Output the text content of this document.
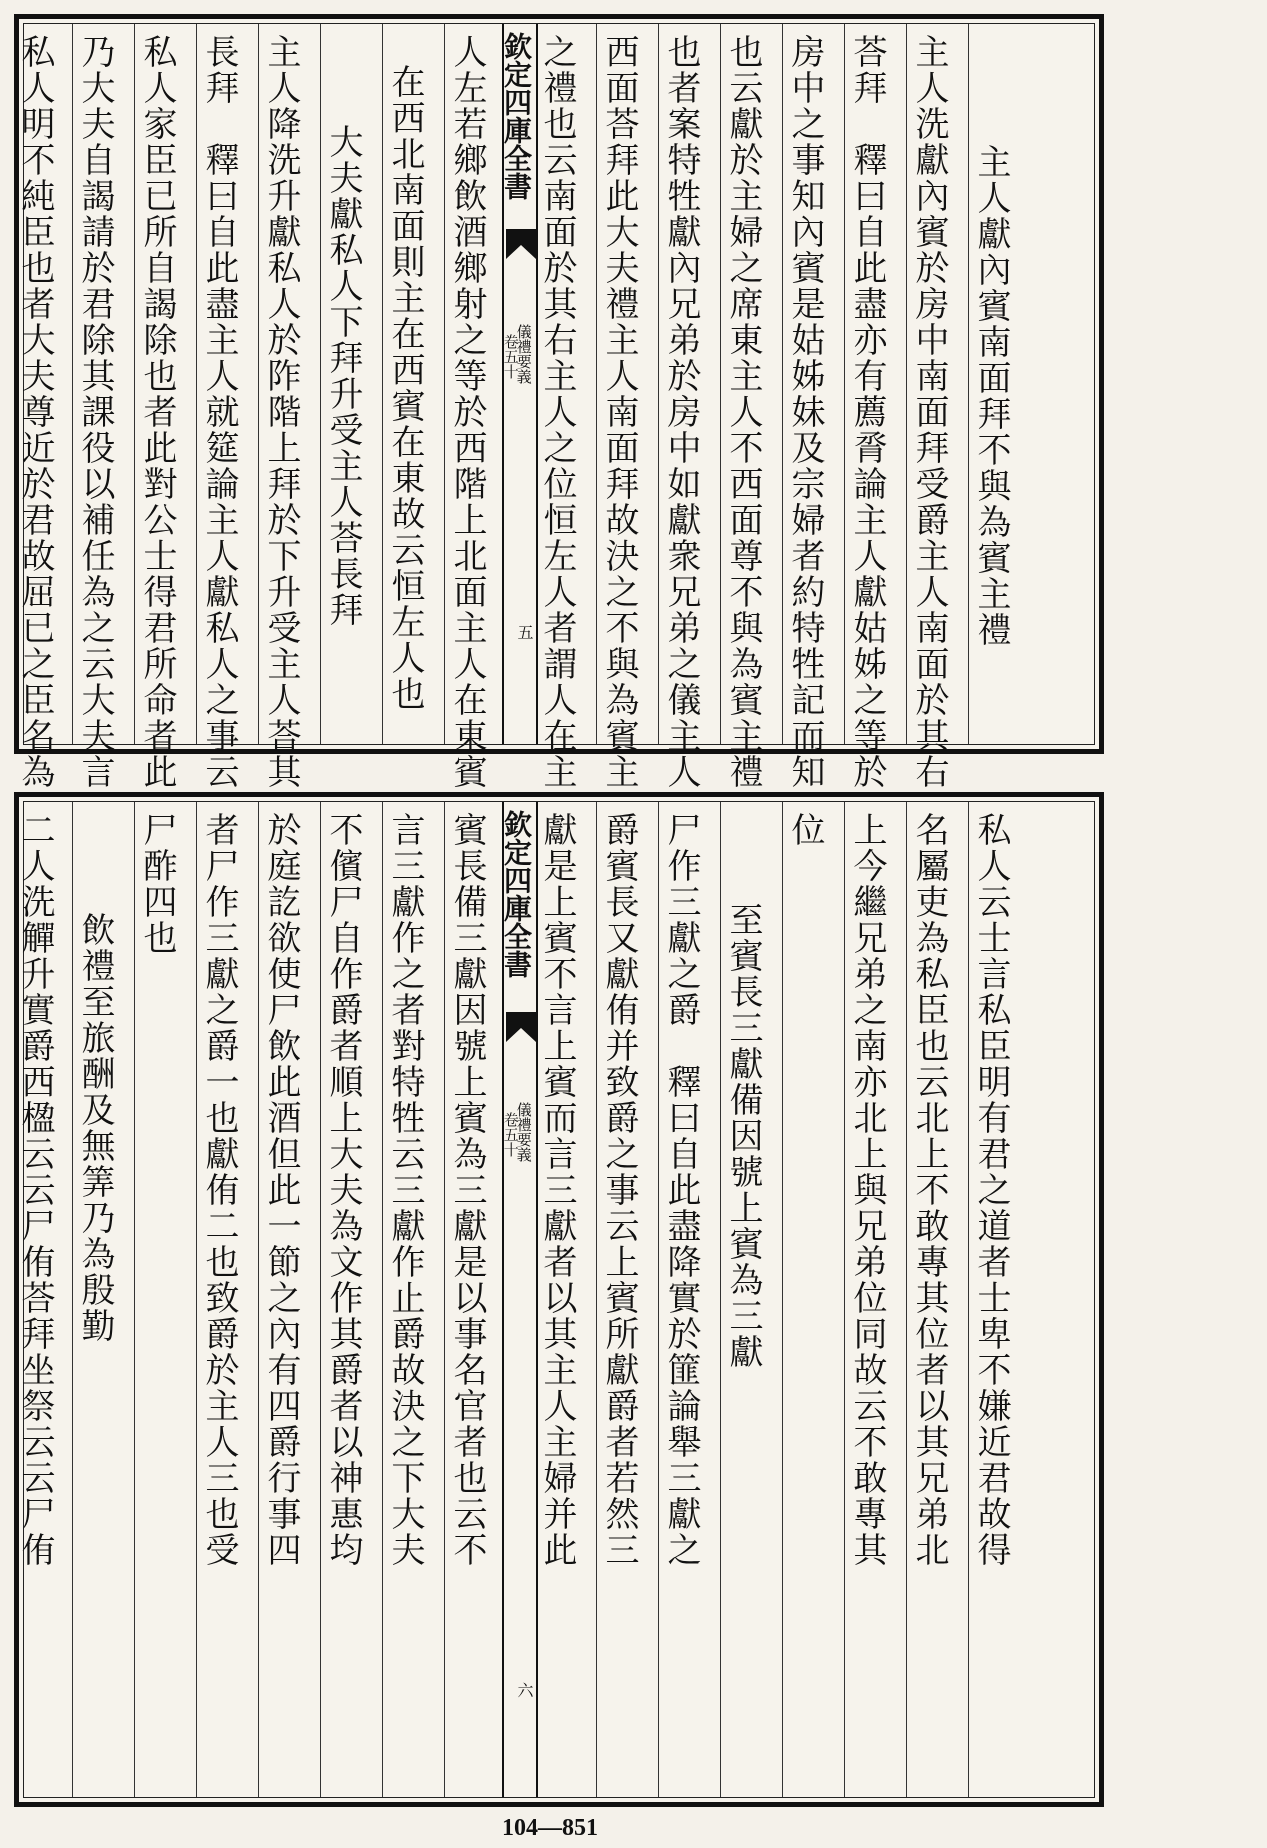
主人獻內賓南面拜不與為賓主禮
主人洗獻內賓於房中南面拜受爵主人南面於其右
荅拜　釋曰自此盡亦有薦脀論主人獻姑姊之等於
房中之事知內賓是姑姊妹及宗婦者約特牲記而知
也云獻於主婦之席東主人不西面尊不與為賓主禮
也者案特牲獻內兄弟於房中如獻衆兄弟之儀主人
西面荅拜此大夫禮主人南面拜故決之不與為賓主
之禮也云南面於其右主人之位恒左人者謂人在主
欽定四庫全書
儀禮要義
卷五十
五
人左若鄉飲酒鄉射之等於西階上北面主人在東賓
在西北南面則主在西賓在東故云恒左人也
大夫獻私人下拜升受主人荅長拜
主人降洗升獻私人於阼階上拜於下升受主人荅其
長拜　釋曰自此盡主人就筵論主人獻私人之事云
私人家臣已所自謁除也者此對公士得君所命者此
乃大夫自謁請於君除其課役以補任為之云大夫言
私人明不純臣也者大夫尊近於君故屈已之臣名為
私人云士言私臣明有君之道者士卑不嫌近君故得
名屬吏為私臣也云北上不敢專其位者以其兄弟北
上今繼兄弟之南亦北上與兄弟位同故云不敢專其
位
至賓長三獻備因號上賓為三獻
尸作三獻之爵　釋曰自此盡降實於篚論舉三獻之
爵賓長又獻侑并致爵之事云上賓所獻爵者若然三
獻是上賓不言上賓而言三獻者以其主人主婦并此
欽定四庫全書
儀禮要義
卷五十
六
賓長備三獻因號上賓為三獻是以事名官者也云不
言三獻作之者對特牲云三獻作止爵故決之下大夫
不儐尸自作爵者順上大夫為文作其爵者以神惠均
於庭訖欲使尸飲此酒但此一節之內有四爵行事四
者尸作三獻之爵一也獻侑二也致爵於主人三也受
尸酢四也
飲禮至旅酬及無筭乃為殷勤
二人洗觶升實爵西楹云云尸侑荅拜坐祭云云尸侑
104—851
